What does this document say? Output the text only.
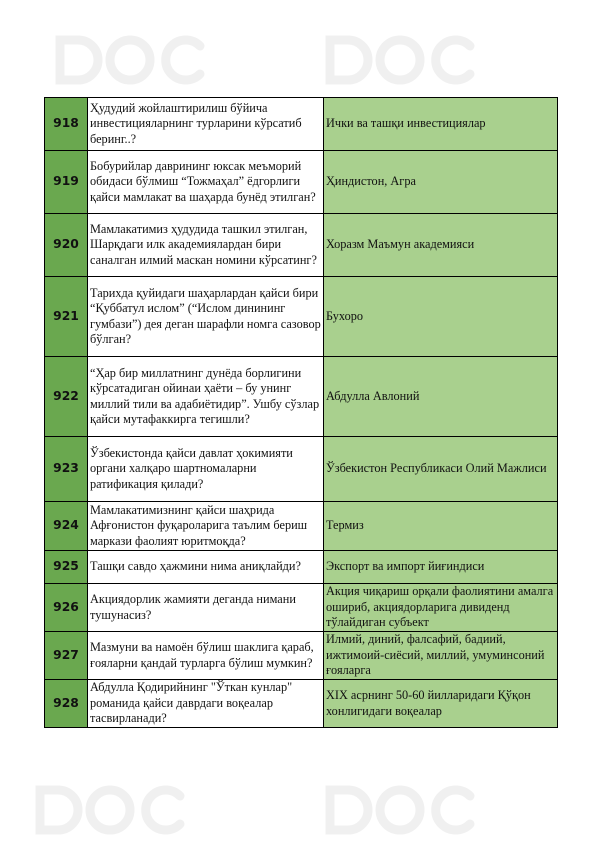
918	Ҳудудий жойлаштирилиш бўйича инвестицияларнинг турларини кўрсатиб беринг..?	Ички ва ташқи инвестициялар
919	Бобурийлар даврининг юксак меъморий обидаси бўлмиш “Тожмаҳал” ёдгорлиги қайси мамлакат ва шаҳарда бунёд этилган?	Ҳиндистон, Агра
920	Мамлакатимиз ҳудудида ташкил этилган, Шарқдаги илк академиялардан бири саналган илмий маскан номини кўрсатинг?	Хоразм Маъмун академияси
921	Тарихда қуйидаги шаҳарлардан қайси бири “Қуббатул ислом” (“Ислом динининг гумбази”) дея деган шарафли номга сазовор бўлган?	Бухоро
922	“Ҳар бир миллатнинг дунёда борлигини кўрсатадиган ойинаи ҳаёти – бу унинг миллий тили ва адабиётидир”. Ушбу сўзлар қайси мутафаккирга тегишли?	Абдулла Авлоний
923	Ўзбекистонда қайси давлат ҳокимияти органи халқаро шартномаларни ратификация қилади?	Ўзбекистон Республикаси Олий Мажлиси
924	Мамлакатимизнинг қайси шаҳрида Афғонистон фуқароларига таълим бериш маркази фаолият юритмоқда?	Термиз
925	Ташқи савдо ҳажмини нима аниқлайди?	Экспорт ва импорт йиғиндиси
926	Акциядорлик жамияти деганда нимани тушунасиз?	Акция чиқариш орқали фаолиятини амалга ошириб, акциядорларига дивиденд тўлайдиган субъект
927	Мазмуни ва намоён бўлиш шаклига қараб, ғояларни қандай турларга бўлиш мумкин?	Илмий, диний, фалсафий, бадиий, ижтимоий-сиёсий, миллий, умуминсоний ғояларга
928	Абдулла Қодирийнинг "Ўткан кунлар" романида қайси даврдаги воқеалар тасвирланади?	XIX асрнинг 50-60 йилларидаги Қўқон хонлигидаги воқеалар
